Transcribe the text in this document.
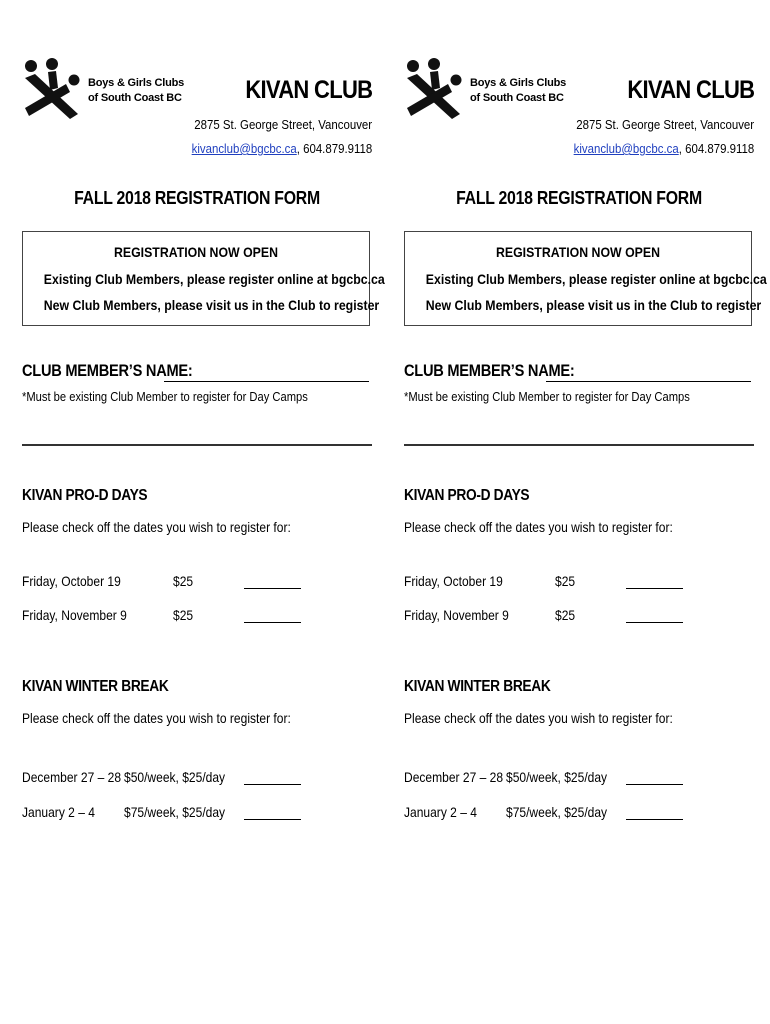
Boys & Girls Clubs
of South Coast BC	KIVAN CLUB
2875 St. George Street, Vancouver
kivanclub@bgcbc.ca, 604.879.9118
FALL 2018 REGISTRATION FORM
REGISTRATION NOW OPEN
Existing Club Members, please register online at bgcbc.ca
New Club Members, please visit us in the Club to register
CLUB MEMBER’S NAME:
*Must be existing Club Member to register for Day Camps
KIVAN PRO-D DAYS
Please check off the dates you wish to register for:
Friday, October 19	$25
Friday, November 9	$25
KIVAN WINTER BREAK
Please check off the dates you wish to register for:
December 27 – 28 $50/week, $25/day
January 2 – 4 $75/week, $25/day
Boys & Girls Clubs
of South Coast BC	KIVAN CLUB
2875 St. George Street, Vancouver
kivanclub@bgcbc.ca, 604.879.9118
FALL 2018 REGISTRATION FORM
REGISTRATION NOW OPEN
Existing Club Members, please register online at bgcbc.ca
New Club Members, please visit us in the Club to register
CLUB MEMBER’S NAME:
*Must be existing Club Member to register for Day Camps
KIVAN PRO-D DAYS
Please check off the dates you wish to register for:
Friday, October 19	$25
Friday, November 9	$25
KIVAN WINTER BREAK
Please check off the dates you wish to register for:
December 27 – 28 $50/week, $25/day
January 2 – 4 $75/week, $25/day
